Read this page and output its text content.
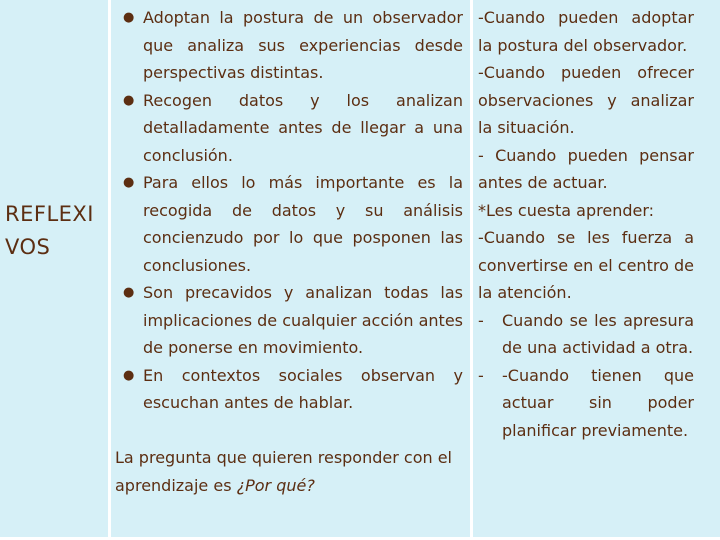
REFLEXI
VOS
● Adoptan la postura de un observador que analiza sus experiencias desde perspectivas distintas.
● Recogen datos y los analizan detalladamente antes de llegar a una conclusión.
● Para ellos lo más importante es la recogida de datos y su análisis concienzudo por lo que posponen las conclusiones.
● Son precavidos y analizan todas las implicaciones de cualquier acción antes de ponerse en movimiento.
● En contextos sociales observan y escuchan antes de hablar.
La pregunta que quieren responder con el aprendizaje es ¿Por qué?
-Cuando pueden adoptar la postura del observador.
-Cuando pueden ofrecer observaciones y analizar la situación.
- Cuando pueden pensar antes de actuar.
*Les cuesta aprender:
-Cuando se les fuerza a convertirse en el centro de la atención.
- Cuando se les apresura de una actividad a otra.
- -Cuando tienen que actuar sin poder planificar previamente.
